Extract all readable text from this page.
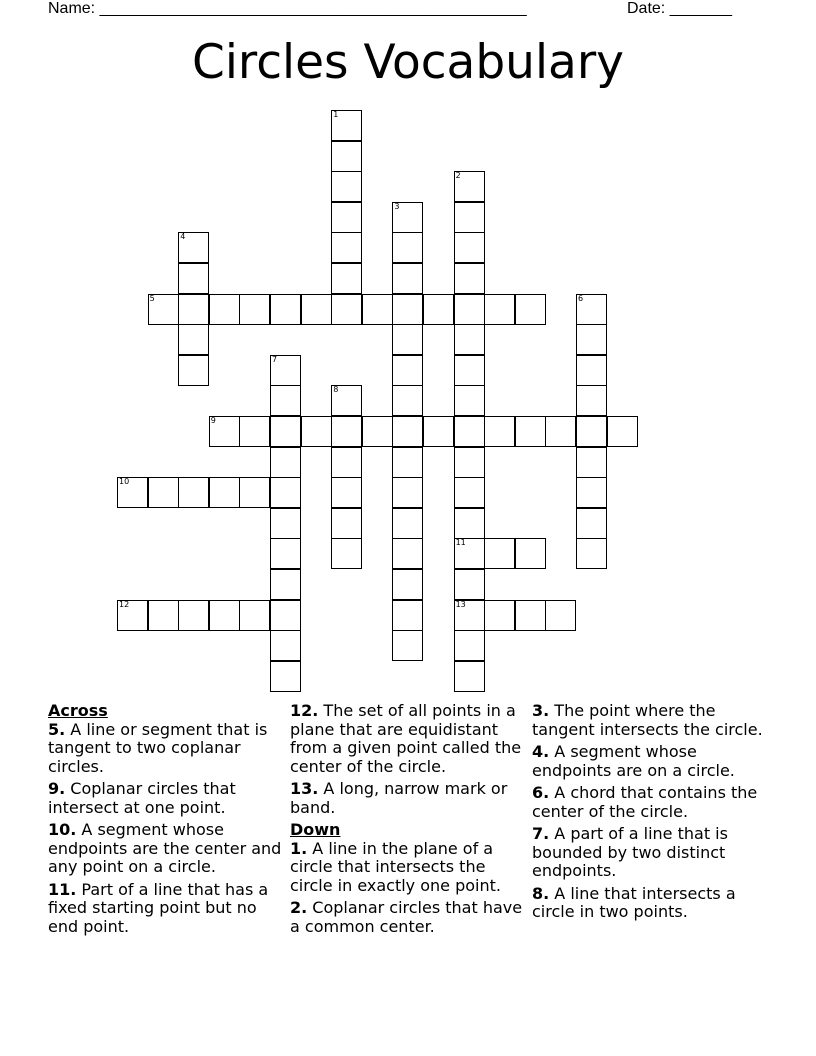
Name: ________________________________________________	Date: _______
Circles Vocabulary
5
9
10
11
12	13
1
2
3
4
6
7
8
Across

5. A line or segment that is tangent to two coplanar circles.

9. Coplanar circles that intersect at one point.

10. A segment whose endpoints are the center and any point on a circle.

11. Part of a line that has a fixed starting point but no end point.

12. The set of all points in a plane that are equidistant from a given point called the center of the circle.

13. A long, narrow mark or band.

Down

1. A line in the plane of a circle that intersects the circle in exactly one point.

2. Coplanar circles that have a common center.

3. The point where the tangent intersects the circle.

4. A segment whose endpoints are on a circle.

6. A chord that contains the center of the circle.

7. A part of a line that is bounded by two distinct endpoints.

8. A line that intersects a circle in two points.
